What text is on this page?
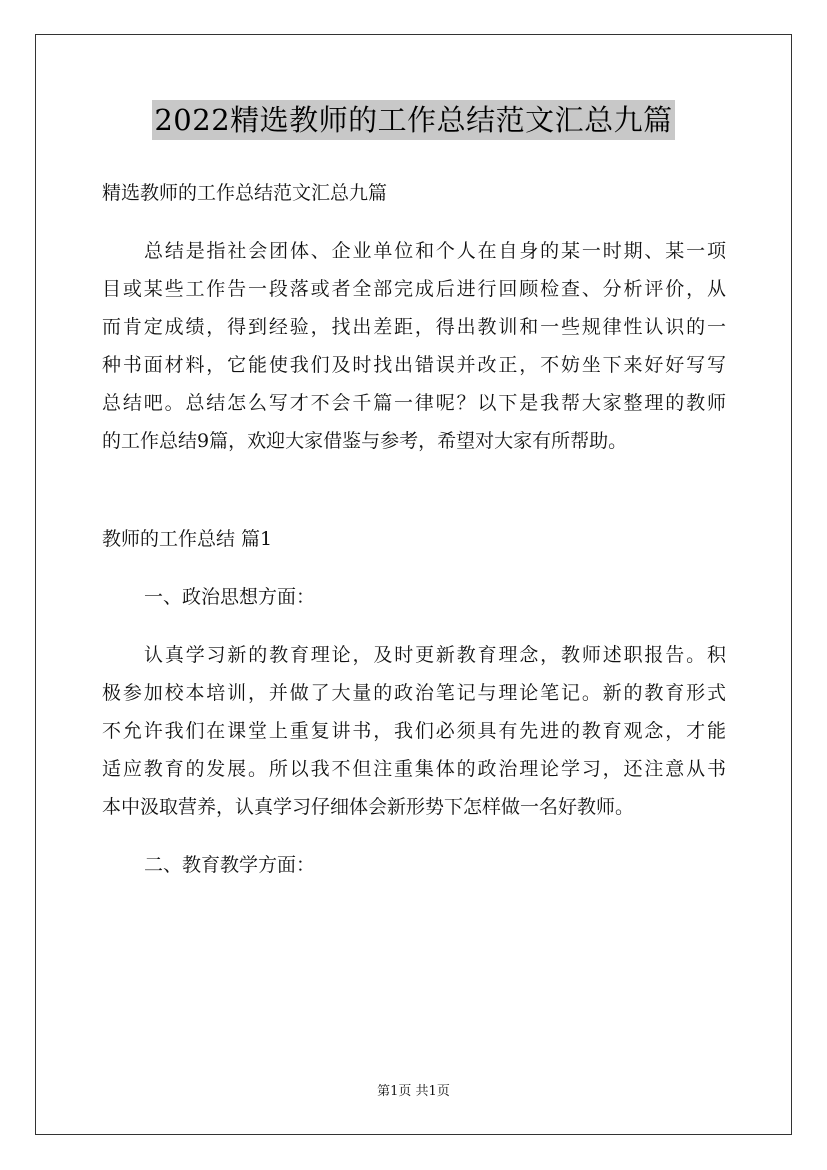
2022精选教师的工作总结范文汇总九篇
精选教师的工作总结范文汇总九篇
总结是指社会团体、企业单位和个人在自身的某一时期、某一项
目或某些工作告一段落或者全部完成后进行回顾检查、分析评价，从
而肯定成绩，得到经验，找出差距，得出教训和一些规律性认识的一
种书面材料，它能使我们及时找出错误并改正，不妨坐下来好好写写
总结吧。总结怎么写才不会千篇一律呢？以下是我帮大家整理的教师
的工作总结9篇，欢迎大家借鉴与参考，希望对大家有所帮助。
教师的工作总结 篇1
一、政治思想方面：
认真学习新的教育理论，及时更新教育理念，教师述职报告。积
极参加校本培训，并做了大量的政治笔记与理论笔记。新的教育形式
不允许我们在课堂上重复讲书，我们必须具有先进的教育观念，才能
适应教育的发展。所以我不但注重集体的政治理论学习，还注意从书
本中汲取营养，认真学习仔细体会新形势下怎样做一名好教师。
二、教育教学方面：
第1页 共1页
